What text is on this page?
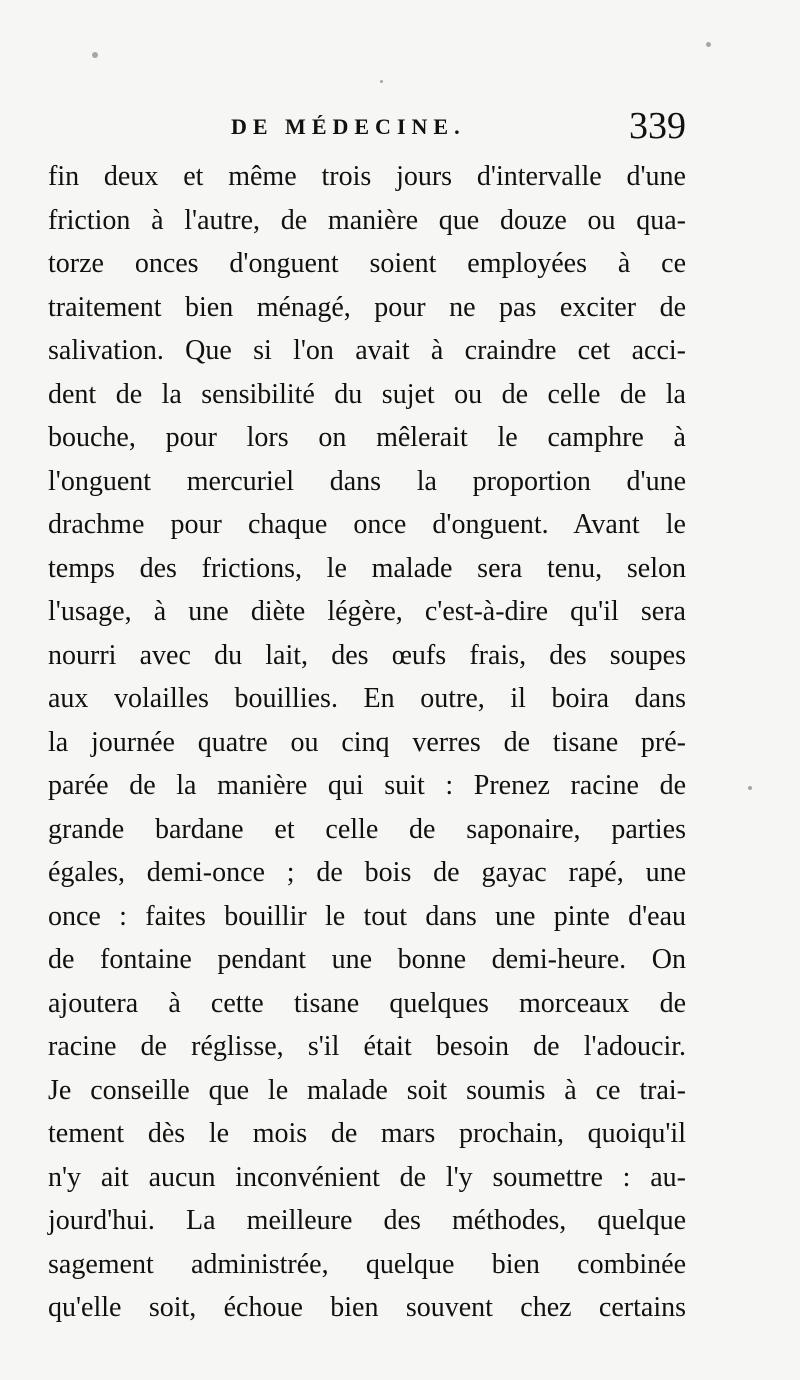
DE MÉDECINE.	339
fin deux et même trois jours d'intervalle d'une
friction à l'autre, de manière que douze ou qua-
torze onces d'onguent soient employées à ce
traitement bien ménagé, pour ne pas exciter de
salivation. Que si l'on avait à craindre cet acci-
dent de la sensibilité du sujet ou de celle de la
bouche, pour lors on mêlerait le camphre à
l'onguent mercuriel dans la proportion d'une
drachme pour chaque once d'onguent. Avant le
temps des frictions, le malade sera tenu, selon
l'usage, à une diète légère, c'est-à-dire qu'il sera
nourri avec du lait, des œufs frais, des soupes
aux volailles bouillies. En outre, il boira dans
la journée quatre ou cinq verres de tisane pré-
parée de la manière qui suit : Prenez racine de
grande bardane et celle de saponaire, parties
égales, demi-once ; de bois de gayac rapé, une
once : faites bouillir le tout dans une pinte d'eau
de fontaine pendant une bonne demi-heure. On
ajoutera à cette tisane quelques morceaux de
racine de réglisse, s'il était besoin de l'adoucir.
Je conseille que le malade soit soumis à ce trai-
tement dès le mois de mars prochain, quoiqu'il
n'y ait aucun inconvénient de l'y soumettre : au-
jourd'hui. La meilleure des méthodes, quelque
sagement administrée, quelque bien combinée
qu'elle soit, échoue bien souvent chez certains
